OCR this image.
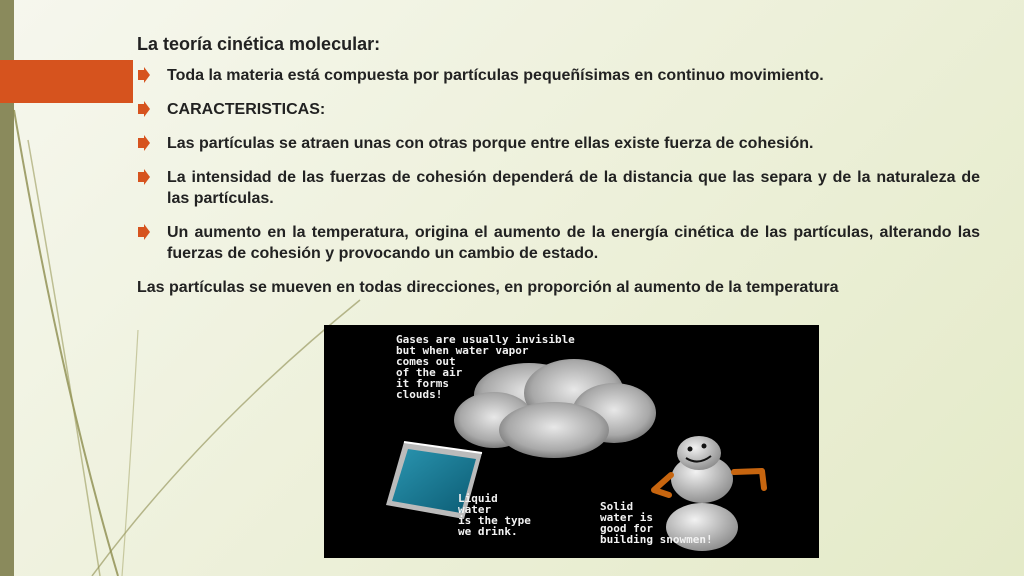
La teoría cinética molecular:
Toda la materia está compuesta por partículas pequeñísimas en continuo movimiento.
CARACTERISTICAS:
Las partículas se atraen unas con otras porque entre ellas existe fuerza de cohesión.
La intensidad de las fuerzas de cohesión dependerá de la distancia que las separa y de la naturaleza de las partículas.
Un aumento en la temperatura, origina el aumento de la energía cinética de las partículas, alterando las fuerzas de cohesión y provocando un cambio de estado.
Las partículas se mueven en todas direcciones, en proporción al aumento de la temperatura
Gases are usually invisible
but when water vapor
comes out
of the air
it forms
clouds!
Liquid
water
is the type
we drink.
Solid
water is
good for
building snowmen!
